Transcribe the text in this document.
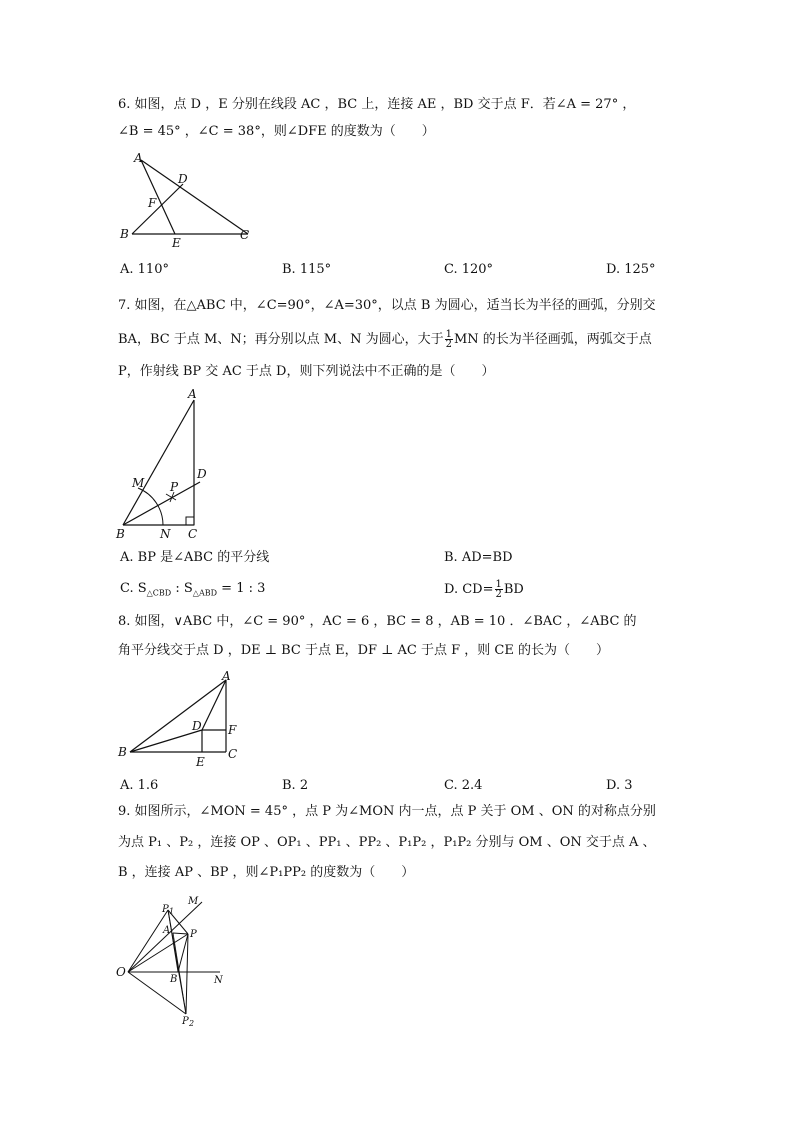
6. 如图，点 D ，E 分别在线段 AC ，BC 上，连接 AE ，BD 交于点 F．若∠A = 27° ，
∠B = 45° ，∠C = 38°，则∠DFE 的度数为（　　）
A
B	C
D
E
F
A. 110°	B. 115°	C. 120°	D. 125°
7. 如图，在△ABC 中，∠C=90°，∠A=30°，以点 B 为圆心，适当长为半径的画弧，分别交
BA，BC 于点 M、N；再分别以点 M、N 为圆心，大于 $\frac{1}{2}$ MN 的长为半径画弧，两弧交于点
P，作射线 BP 交 AC 于点 D，则下列说法中不正确的是（　　）
A
B	C
D
M
N
P
A. BP 是∠ABC 的平分线	B. AD=BD
C. $S_{\triangle CBD}$ : $S_{\triangle ABD} = 1$ : 3	D. $CD= \frac{1}{2}$ BD
8. 如图，∨ABC 中，∠C = 90° ，AC = 6 ，BC = 8 ，AB = 10 ．∠BAC ，∠ABC 的
角平分线交于点 D ，DE ⊥ BC 于点 E，DF ⊥ AC 于点 F ，则 CE 的长为（　　）
A
B	C
D
E
F
A. 1.6	B. 2	C. 2.4	D. 3
9. 如图所示，∠MON = 45° ，点 P 为∠MON 内一点，点 P 关于 OM 、ON 的对称点分别
为点 P₁ 、P₂ ，连接 OP 、OP₁ 、PP₁ 、PP₂ 、P₁P₂ ，P₁P₂ 分别与 OM 、ON 交于点 A 、
B ，连接 AP 、BP ，则∠P₁PP₂ 的度数为（　　）
O
M
N
A
B
P
P 1
P 2
